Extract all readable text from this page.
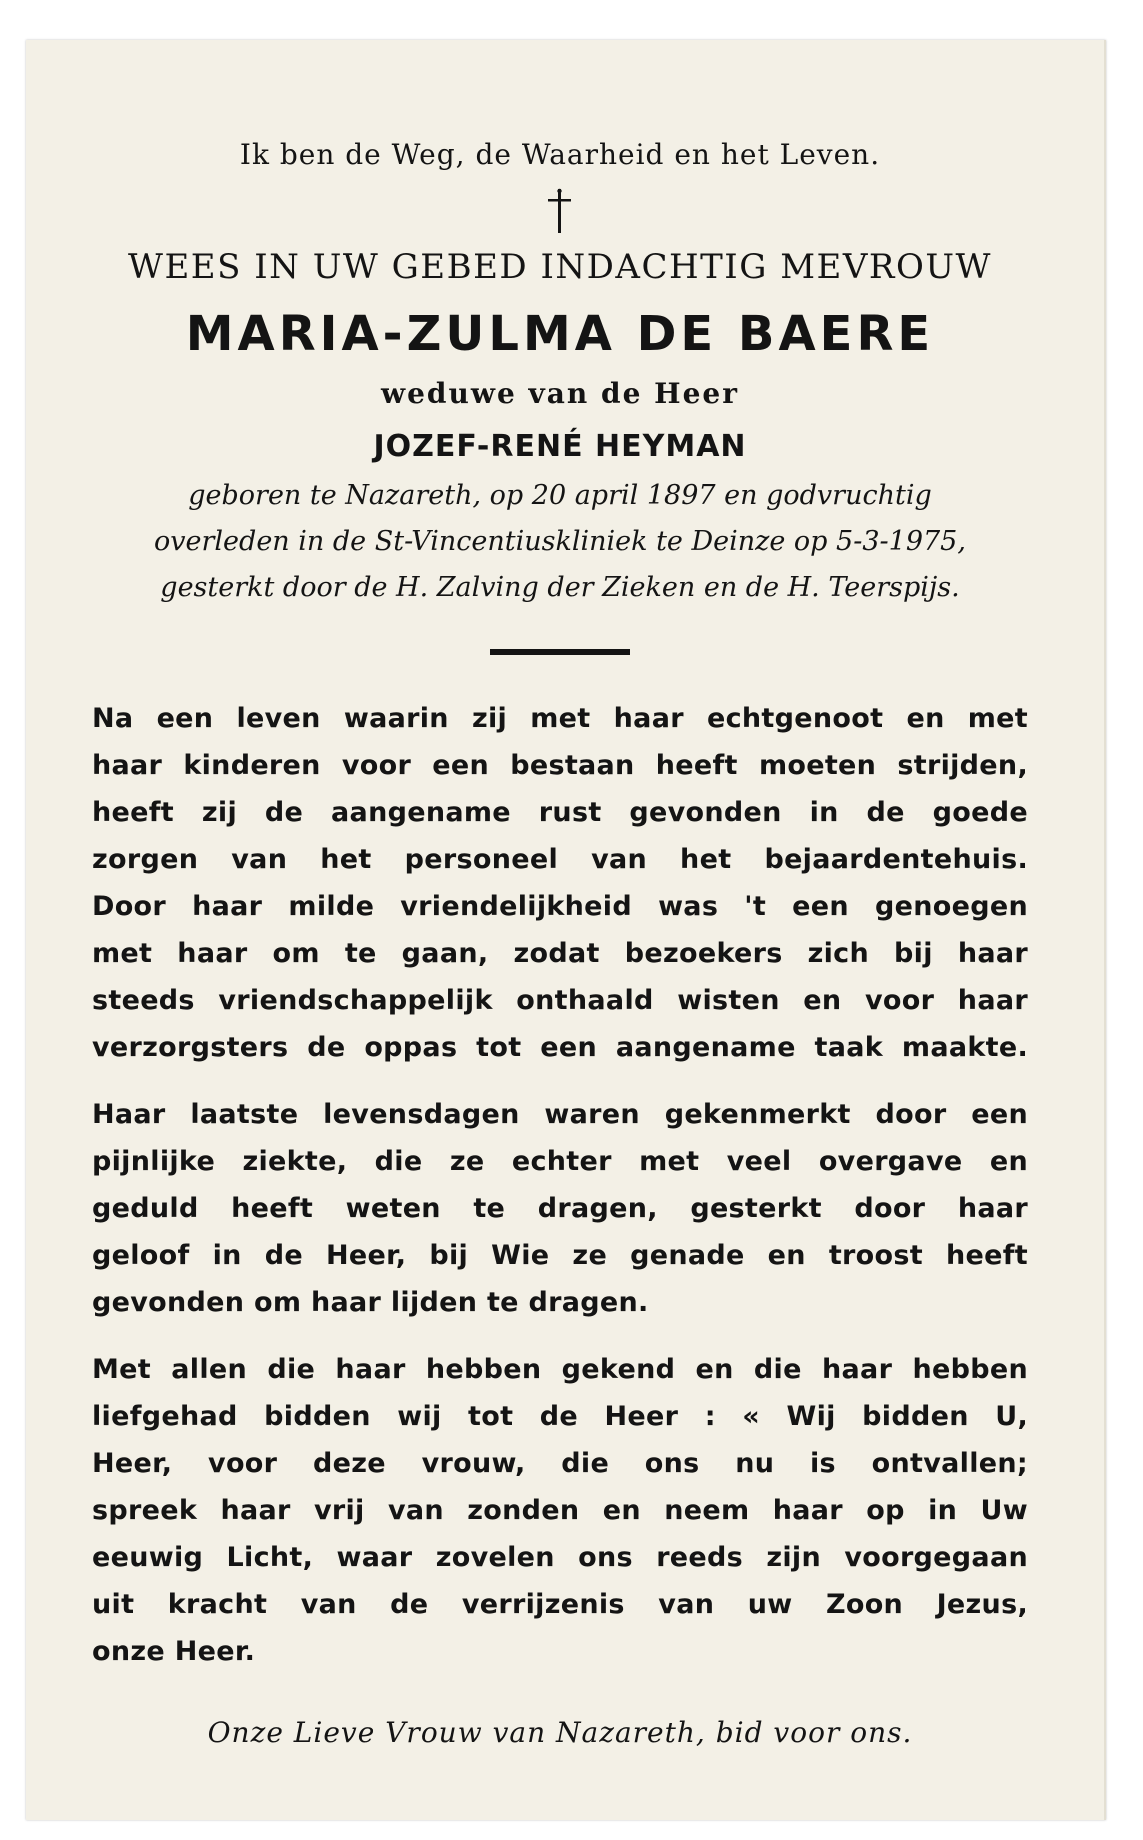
Ik ben de Weg, de Waarheid en het Leven.
WEES IN UW GEBED INDACHTIG MEVROUW
MARIA-ZULMA DE BAERE
weduwe van de Heer
JOZEF-RENÉ HEYMAN
geboren te Nazareth, op 20 april 1897 en godvruchtig
overleden in de St-Vincentiuskliniek te Deinze op 5-3-1975,
gesterkt door de H. Zalving der Zieken en de H. Teerspijs.
Na een leven waarin zij met haar echtgenoot en met
haar kinderen voor een bestaan heeft moeten strijden,
heeft zij de aangename rust gevonden in de goede
zorgen van het personeel van het bejaardentehuis.
Door haar milde vriendelijkheid was 't een genoegen
met haar om te gaan, zodat bezoekers zich bij haar
steeds vriendschappelijk onthaald wisten en voor haar
verzorgsters de oppas tot een aangename taak maakte.
Haar laatste levensdagen waren gekenmerkt door een
pijnlijke ziekte, die ze echter met veel overgave en
geduld heeft weten te dragen, gesterkt door haar
geloof in de Heer, bij Wie ze genade en troost heeft
gevonden om haar lijden te dragen.
Met allen die haar hebben gekend en die haar hebben
liefgehad bidden wij tot de Heer : « Wij bidden U,
Heer, voor deze vrouw, die ons nu is ontvallen;
spreek haar vrij van zonden en neem haar op in Uw
eeuwig Licht, waar zovelen ons reeds zijn voorgegaan
uit kracht van de verrijzenis van uw Zoon Jezus,
onze Heer.
Onze Lieve Vrouw van Nazareth, bid voor ons.
